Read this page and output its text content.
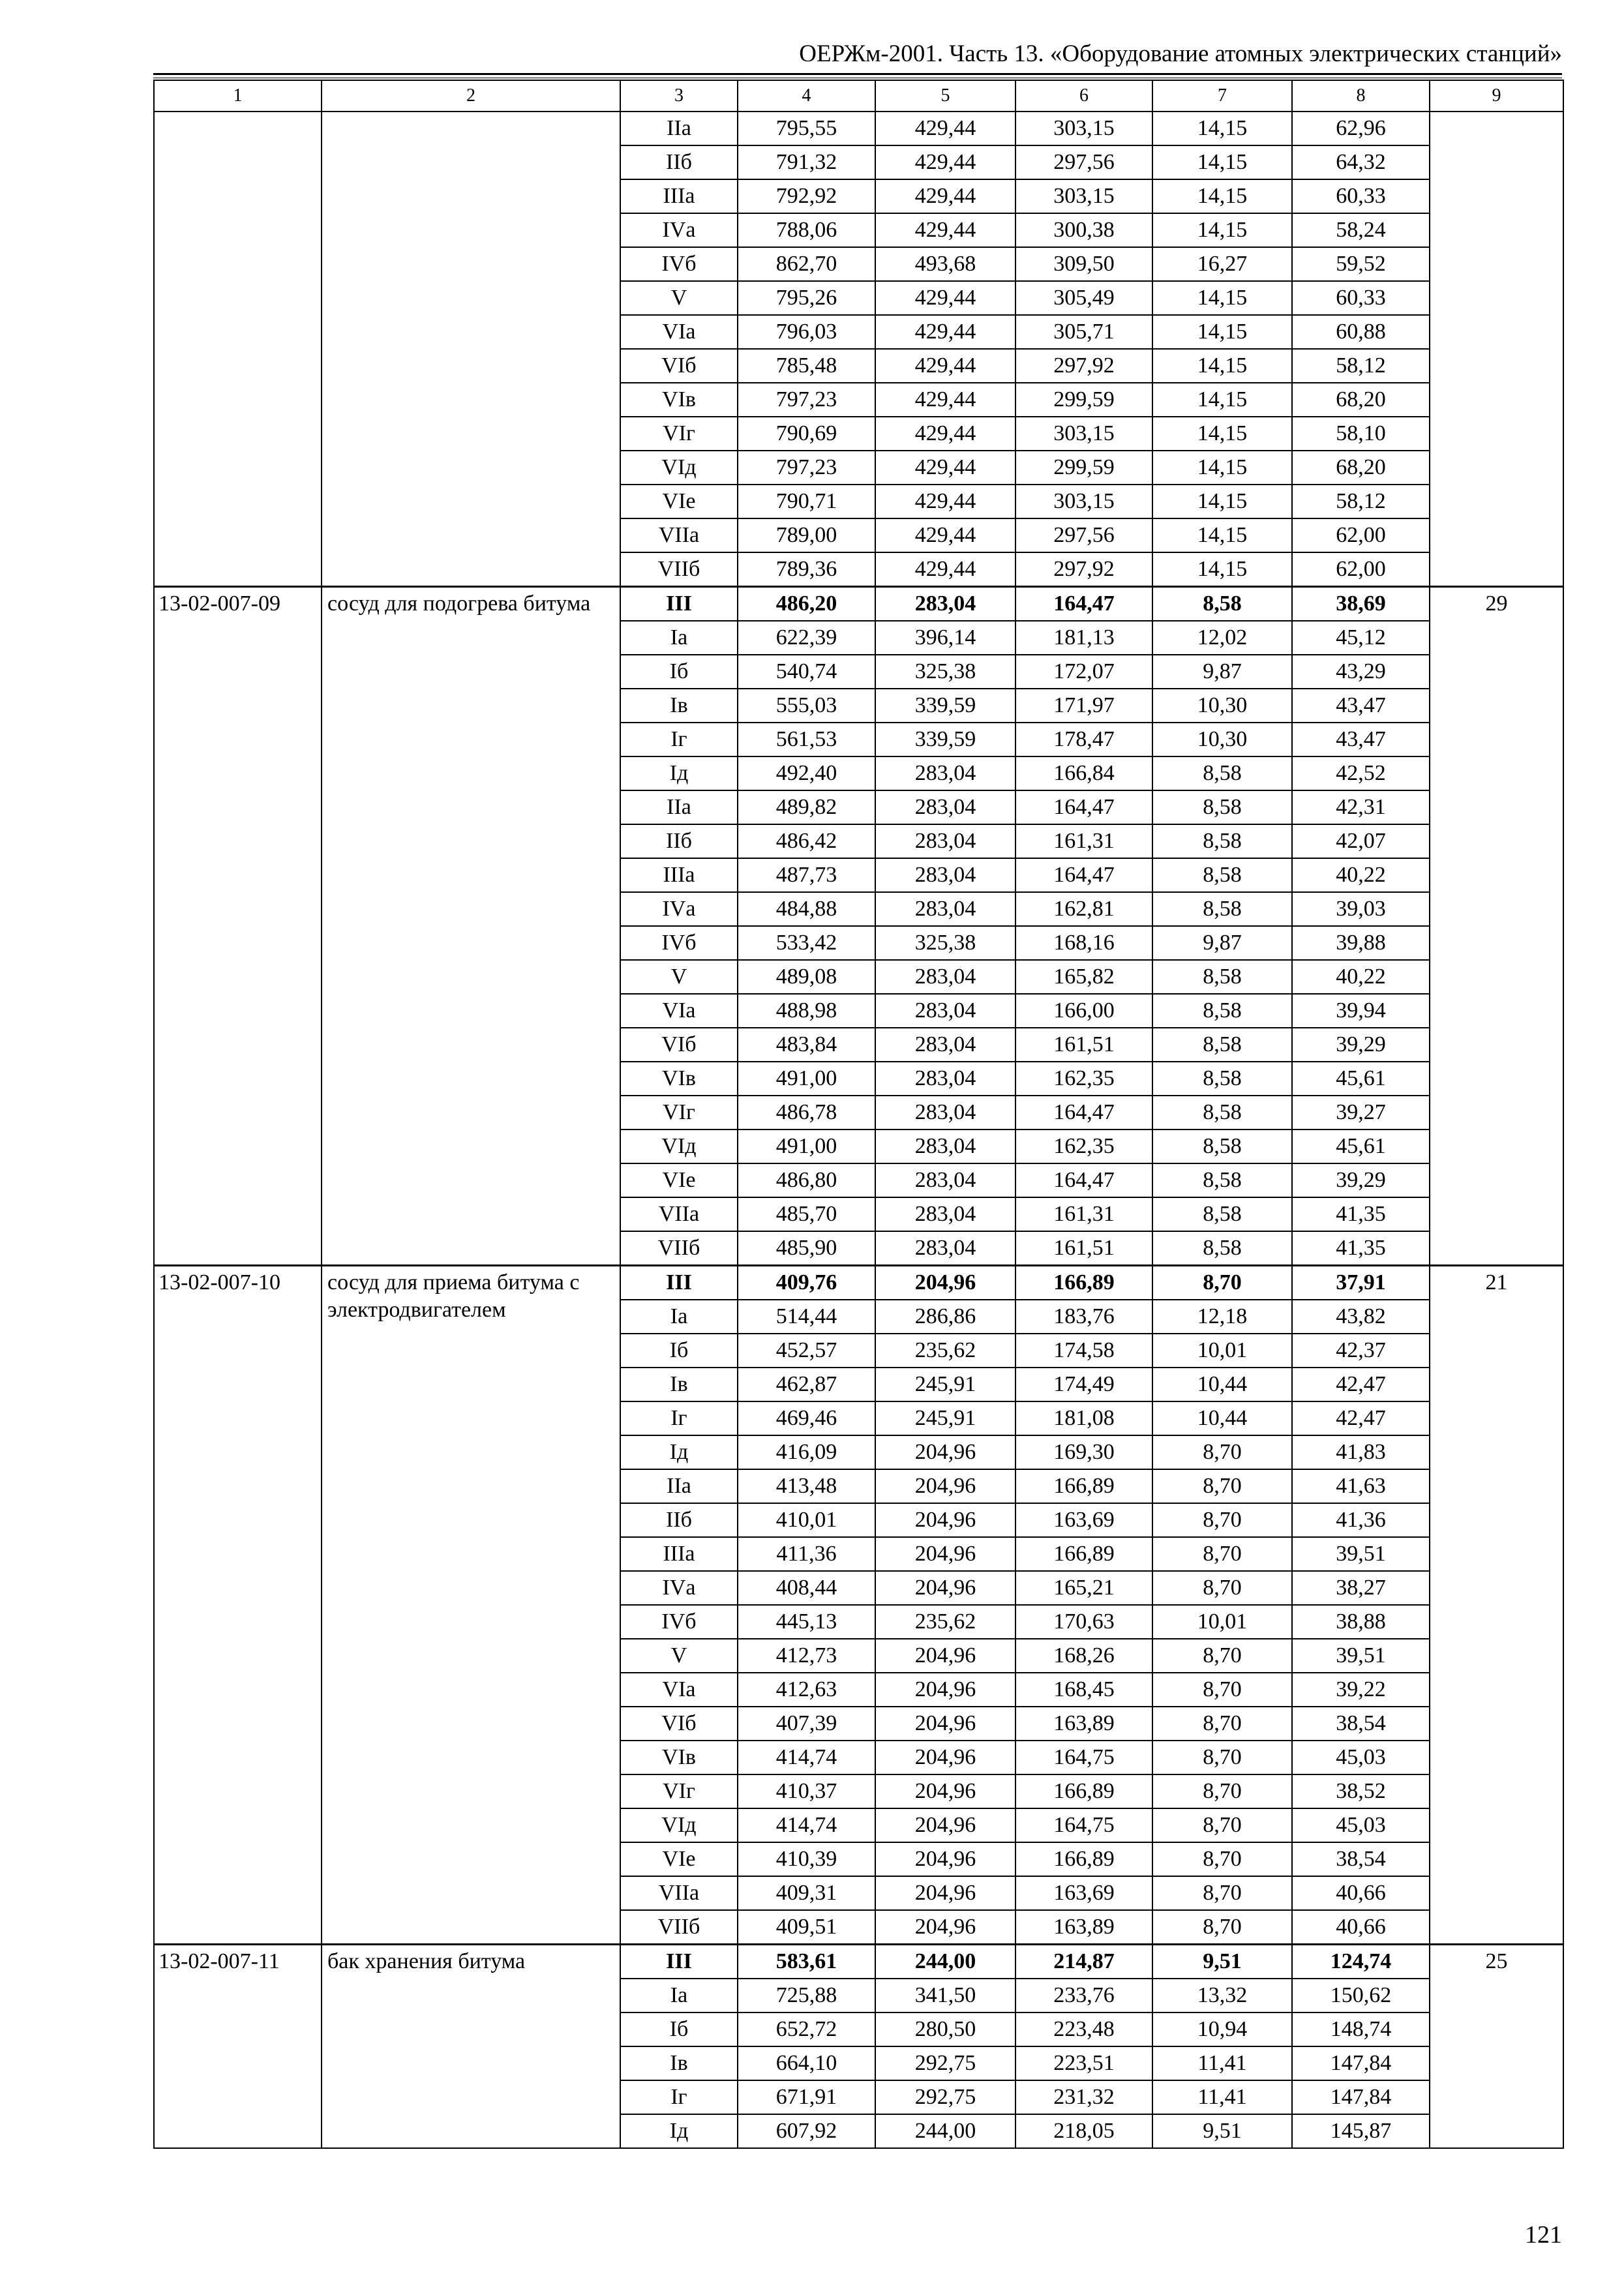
ОЕРЖм-2001. Часть 13. «Оборудование атомных электрических станций»
1	2	3	4	5	6	7	8	9
		IIа	795,55	429,44	303,15	14,15	62,96	
		IIб	791,32	429,44	297,56	14,15	64,32	
		IIIа	792,92	429,44	303,15	14,15	60,33	
		IVа	788,06	429,44	300,38	14,15	58,24	
		IVб	862,70	493,68	309,50	16,27	59,52	
		V	795,26	429,44	305,49	14,15	60,33	
		VIа	796,03	429,44	305,71	14,15	60,88	
		VIб	785,48	429,44	297,92	14,15	58,12	
		VIв	797,23	429,44	299,59	14,15	68,20	
		VIг	790,69	429,44	303,15	14,15	58,10	
		VIд	797,23	429,44	299,59	14,15	68,20	
		VIе	790,71	429,44	303,15	14,15	58,12	
		VIIа	789,00	429,44	297,56	14,15	62,00	
		VIIб	789,36	429,44	297,92	14,15	62,00	
13-02-007-09	сосуд для подогрева битума	III	486,20	283,04	164,47	8,58	38,69	29
		Iа	622,39	396,14	181,13	12,02	45,12	
		Iб	540,74	325,38	172,07	9,87	43,29	
		Iв	555,03	339,59	171,97	10,30	43,47	
		Iг	561,53	339,59	178,47	10,30	43,47	
		Iд	492,40	283,04	166,84	8,58	42,52	
		IIа	489,82	283,04	164,47	8,58	42,31	
		IIб	486,42	283,04	161,31	8,58	42,07	
		IIIа	487,73	283,04	164,47	8,58	40,22	
		IVа	484,88	283,04	162,81	8,58	39,03	
		IVб	533,42	325,38	168,16	9,87	39,88	
		V	489,08	283,04	165,82	8,58	40,22	
		VIа	488,98	283,04	166,00	8,58	39,94	
		VIб	483,84	283,04	161,51	8,58	39,29	
		VIв	491,00	283,04	162,35	8,58	45,61	
		VIг	486,78	283,04	164,47	8,58	39,27	
		VIд	491,00	283,04	162,35	8,58	45,61	
		VIе	486,80	283,04	164,47	8,58	39,29	
		VIIа	485,70	283,04	161,31	8,58	41,35	
		VIIб	485,90	283,04	161,51	8,58	41,35	
13-02-007-10	сосуд для приема битума с электродвигателем	III	409,76	204,96	166,89	8,70	37,91	21
		Iа	514,44	286,86	183,76	12,18	43,82	
		Iб	452,57	235,62	174,58	10,01	42,37	
		Iв	462,87	245,91	174,49	10,44	42,47	
		Iг	469,46	245,91	181,08	10,44	42,47	
		Iд	416,09	204,96	169,30	8,70	41,83	
		IIа	413,48	204,96	166,89	8,70	41,63	
		IIб	410,01	204,96	163,69	8,70	41,36	
		IIIа	411,36	204,96	166,89	8,70	39,51	
		IVа	408,44	204,96	165,21	8,70	38,27	
		IVб	445,13	235,62	170,63	10,01	38,88	
		V	412,73	204,96	168,26	8,70	39,51	
		VIа	412,63	204,96	168,45	8,70	39,22	
		VIб	407,39	204,96	163,89	8,70	38,54	
		VIв	414,74	204,96	164,75	8,70	45,03	
		VIг	410,37	204,96	166,89	8,70	38,52	
		VIд	414,74	204,96	164,75	8,70	45,03	
		VIе	410,39	204,96	166,89	8,70	38,54	
		VIIа	409,31	204,96	163,69	8,70	40,66	
		VIIб	409,51	204,96	163,89	8,70	40,66	
13-02-007-11	бак хранения битума	III	583,61	244,00	214,87	9,51	124,74	25
		Iа	725,88	341,50	233,76	13,32	150,62	
		Iб	652,72	280,50	223,48	10,94	148,74	
		Iв	664,10	292,75	223,51	11,41	147,84	
		Iг	671,91	292,75	231,32	11,41	147,84	
		Iд	607,92	244,00	218,05	9,51	145,87	
121
